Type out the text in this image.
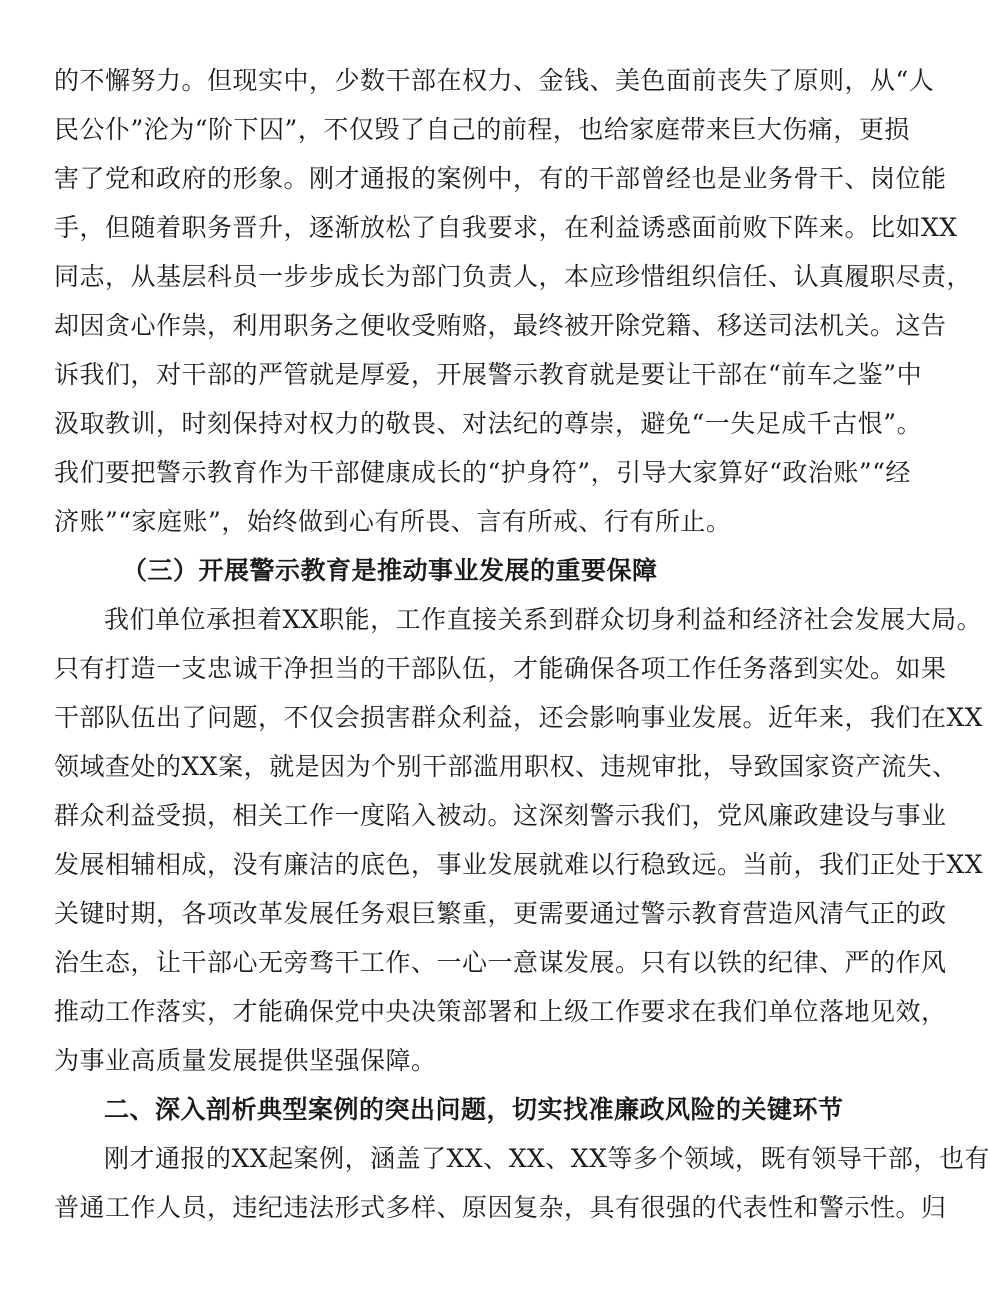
的不懈努力。但现实中，少数干部在权力、金钱、美色面前丧失了原则，从“人
民公仆”沦为“阶下囚”，不仅毁了自己的前程，也给家庭带来巨大伤痛，更损
害了党和政府的形象。刚才通报的案例中，有的干部曾经也是业务骨干、岗位能
手，但随着职务晋升，逐渐放松了自我要求，在利益诱惑面前败下阵来。比如XX
同志，从基层科员一步步成长为部门负责人，本应珍惜组织信任、认真履职尽责，
却因贪心作祟，利用职务之便收受贿赂，最终被开除党籍、移送司法机关。这告
诉我们，对干部的严管就是厚爱，开展警示教育就是要让干部在“前车之鉴”中
汲取教训，时刻保持对权力的敬畏、对法纪的尊崇，避免“一失足成千古恨”。
我们要把警示教育作为干部健康成长的“护身符”，引导大家算好“政治账”“经
济账”“家庭账”，始终做到心有所畏、言有所戒、行有所止。
（三）开展警示教育是推动事业发展的重要保障
我们单位承担着XX职能，工作直接关系到群众切身利益和经济社会发展大局。
只有打造一支忠诚干净担当的干部队伍，才能确保各项工作任务落到实处。如果
干部队伍出了问题，不仅会损害群众利益，还会影响事业发展。近年来，我们在XX
领域查处的XX案，就是因为个别干部滥用职权、违规审批，导致国家资产流失、
群众利益受损，相关工作一度陷入被动。这深刻警示我们，党风廉政建设与事业
发展相辅相成，没有廉洁的底色，事业发展就难以行稳致远。当前，我们正处于XX
关键时期，各项改革发展任务艰巨繁重，更需要通过警示教育营造风清气正的政
治生态，让干部心无旁骛干工作、一心一意谋发展。只有以铁的纪律、严的作风
推动工作落实，才能确保党中央决策部署和上级工作要求在我们单位落地见效，
为事业高质量发展提供坚强保障。
二、深入剖析典型案例的突出问题，切实找准廉政风险的关键环节
刚才通报的XX起案例，涵盖了XX、XX、XX等多个领域，既有领导干部，也有
普通工作人员，违纪违法形式多样、原因复杂，具有很强的代表性和警示性。归
